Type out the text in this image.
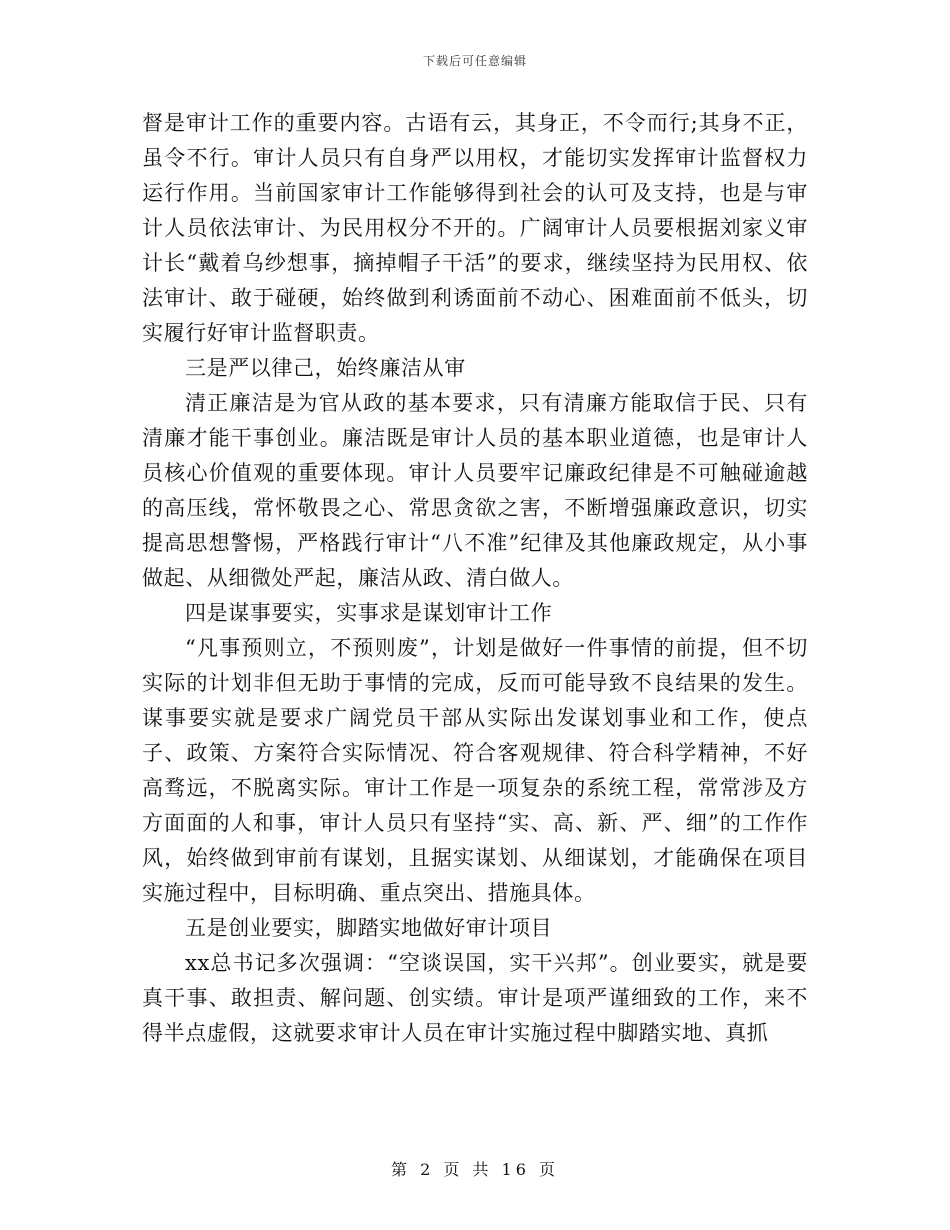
下载后可任意编辑

督是审计工作的重要内容。古语有云，其身正，不令而行;其身不正，虽令不行。审计人员只有自身严以用权，才能切实发挥审计监督权力运行作用。当前国家审计工作能够得到社会的认可及支持，也是与审计人员依法审计、为民用权分不开的。广阔审计人员要根据刘家义审计长“戴着乌纱想事，摘掉帽子干活”的要求，继续坚持为民用权、依法审计、敢于碰硬，始终做到利诱面前不动心、困难面前不低头，切实履行好审计监督职责。

三是严以律己，始终廉洁从审

清正廉洁是为官从政的基本要求，只有清廉方能取信于民、只有清廉才能干事创业。廉洁既是审计人员的基本职业道德，也是审计人员核心价值观的重要体现。审计人员要牢记廉政纪律是不可触碰逾越的高压线，常怀敬畏之心、常思贪欲之害，不断增强廉政意识，切实提高思想警惕，严格践行审计“八不准”纪律及其他廉政规定，从小事做起、从细微处严起，廉洁从政、清白做人。

四是谋事要实，实事求是谋划审计工作

“凡事预则立，不预则废”，计划是做好一件事情的前提，但不切实际的计划非但无助于事情的完成，反而可能导致不良结果的发生。谋事要实就是要求广阔党员干部从实际出发谋划事业和工作，使点子、政策、方案符合实际情况、符合客观规律、符合科学精神，不好高骛远，不脱离实际。审计工作是一项复杂的系统工程，常常涉及方方面面的人和事，审计人员只有坚持“实、高、新、严、细”的工作作风，始终做到审前有谋划，且据实谋划、从细谋划，才能确保在项目实施过程中，目标明确、重点突出、措施具体。

五是创业要实，脚踏实地做好审计项目

xx总书记多次强调：“空谈误国，实干兴邦”。创业要实，就是要真干事、敢担责、解问题、创实绩。审计是项严谨细致的工作，来不得半点虚假，这就要求审计人员在审计实施过程中脚踏实地、真抓

第 2 页 共 16 页
